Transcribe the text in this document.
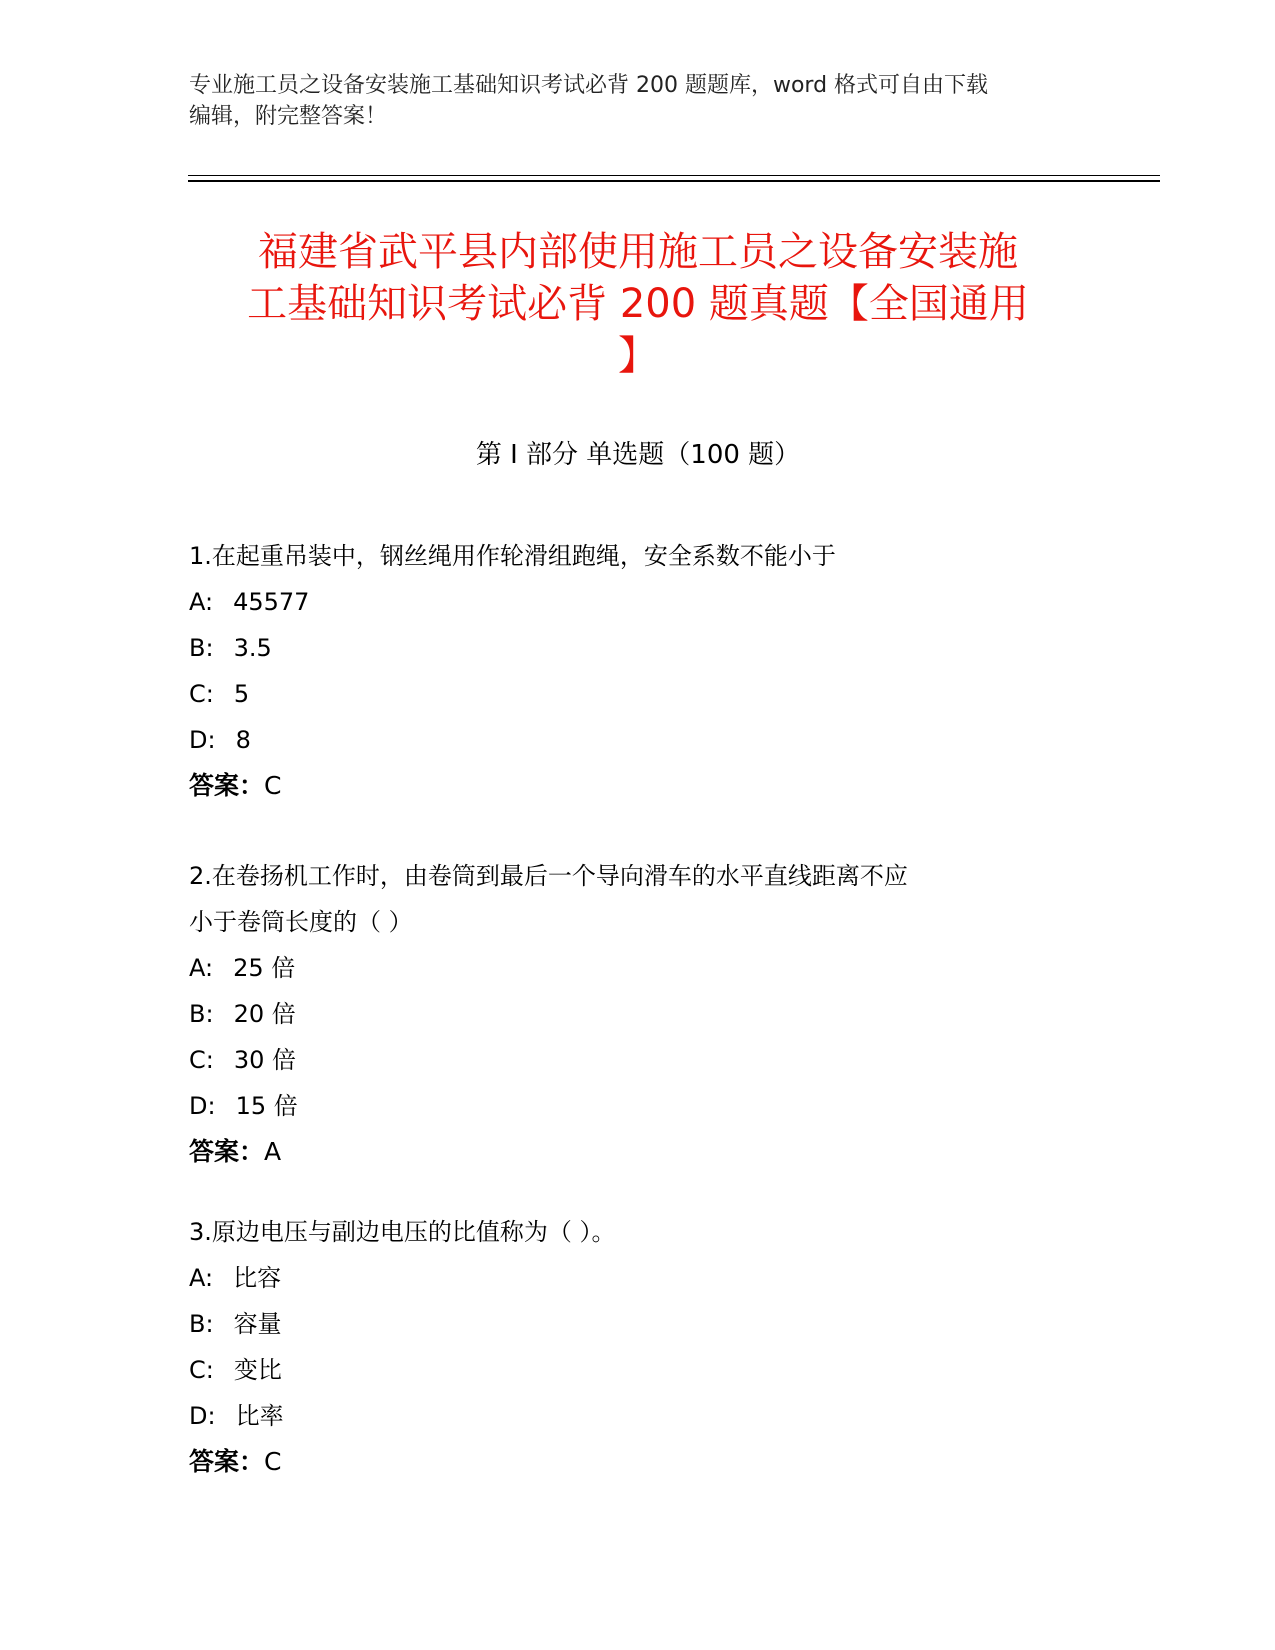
专业施工员之设备安装施工基础知识考试必背 200 题题库，word 格式可自由下载
编辑，附完整答案！

福建省武平县内部使用施工员之设备安装施
工基础知识考试必背 200 题真题【全国通用
】
第 I 部分 单选题（100 题）

1.在起重吊装中，钢丝绳用作轮滑组跑绳，安全系数不能小于

A: 45577

B: 3.5

C: 5

D: 8

答案：C

2.在卷扬机工作时，由卷筒到最后一个导向滑车的水平直线距离不应
小于卷筒长度的（ ）

A: 25 倍

B: 20 倍

C: 30 倍

D: 15 倍

答案：A

3.原边电压与副边电压的比值称为（ ）。

A: 比容

B: 容量

C: 变比

D: 比率

答案：C
